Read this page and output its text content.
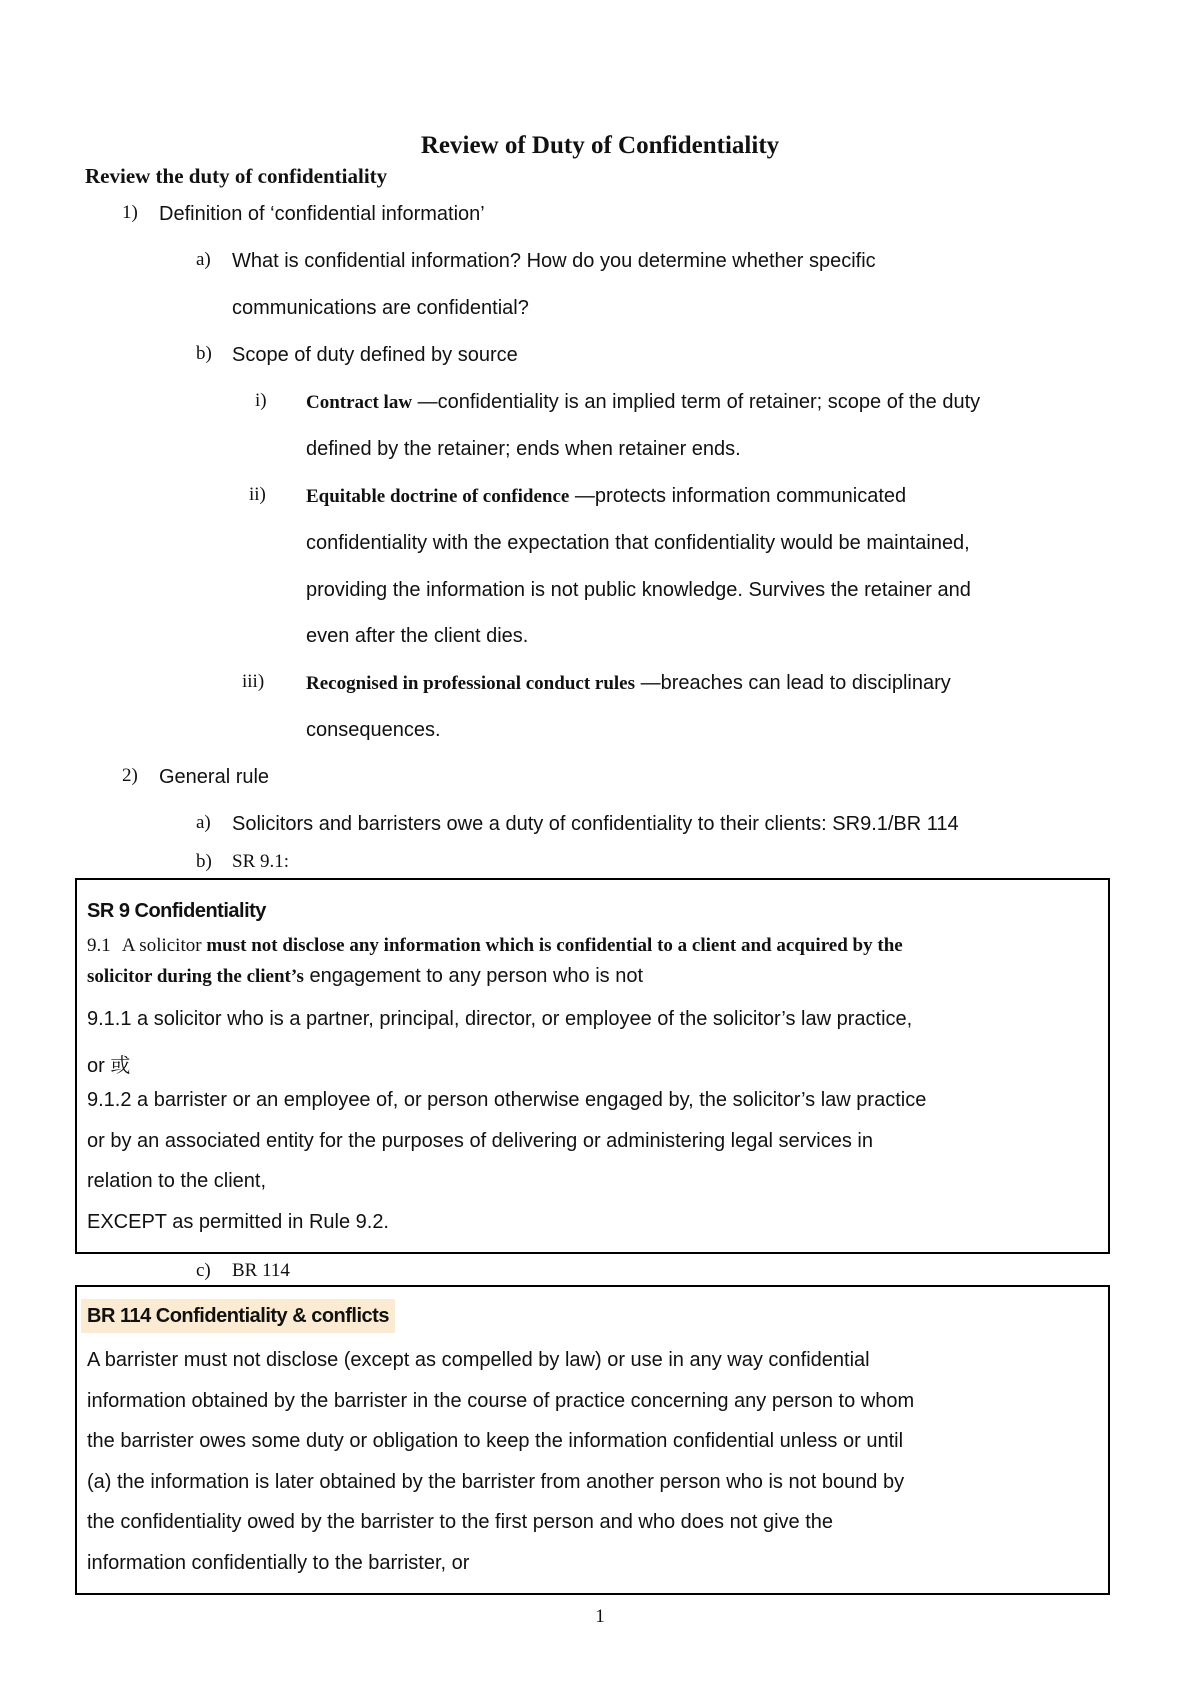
Review of Duty of Confidentiality
Review the duty of confidentiality
1) Definition of ‘confidential information’
a) What is confidential information? How do you determine whether specific
communications are confidential?
b) Scope of duty defined by source
i) Contract law —confidentiality is an implied term of retainer; scope of the duty
defined by the retainer; ends when retainer ends.
ii) Equitable doctrine of confidence —protects information communicated
confidentiality with the expectation that confidentiality would be maintained,
providing the information is not public knowledge. Survives the retainer and
even after the client dies.
iii) Recognised in professional conduct rules —breaches can lead to disciplinary
consequences.
2) General rule
a) Solicitors and barristers owe a duty of confidentiality to their clients: SR9.1/BR 114
b) SR 9.1:
SR 9 Confidentiality
9.1 A solicitor must not disclose any information which is confidential to a client and acquired by the
solicitor during the client’s engagement to any person who is not
9.1.1 a solicitor who is a partner, principal, director, or employee of the solicitor’s law practice,
or 或
9.1.2 a barrister or an employee of, or person otherwise engaged by, the solicitor’s law practice
or by an associated entity for the purposes of delivering or administering legal services in
relation to the client,
EXCEPT as permitted in Rule 9.2.
c) BR 114
BR 114 Confidentiality & conflicts
A barrister must not disclose (except as compelled by law) or use in any way confidential
information obtained by the barrister in the course of practice concerning any person to whom
the barrister owes some duty or obligation to keep the information confidential unless or until
(a) the information is later obtained by the barrister from another person who is not bound by
the confidentiality owed by the barrister to the first person and who does not give the
information confidentially to the barrister, or
1
